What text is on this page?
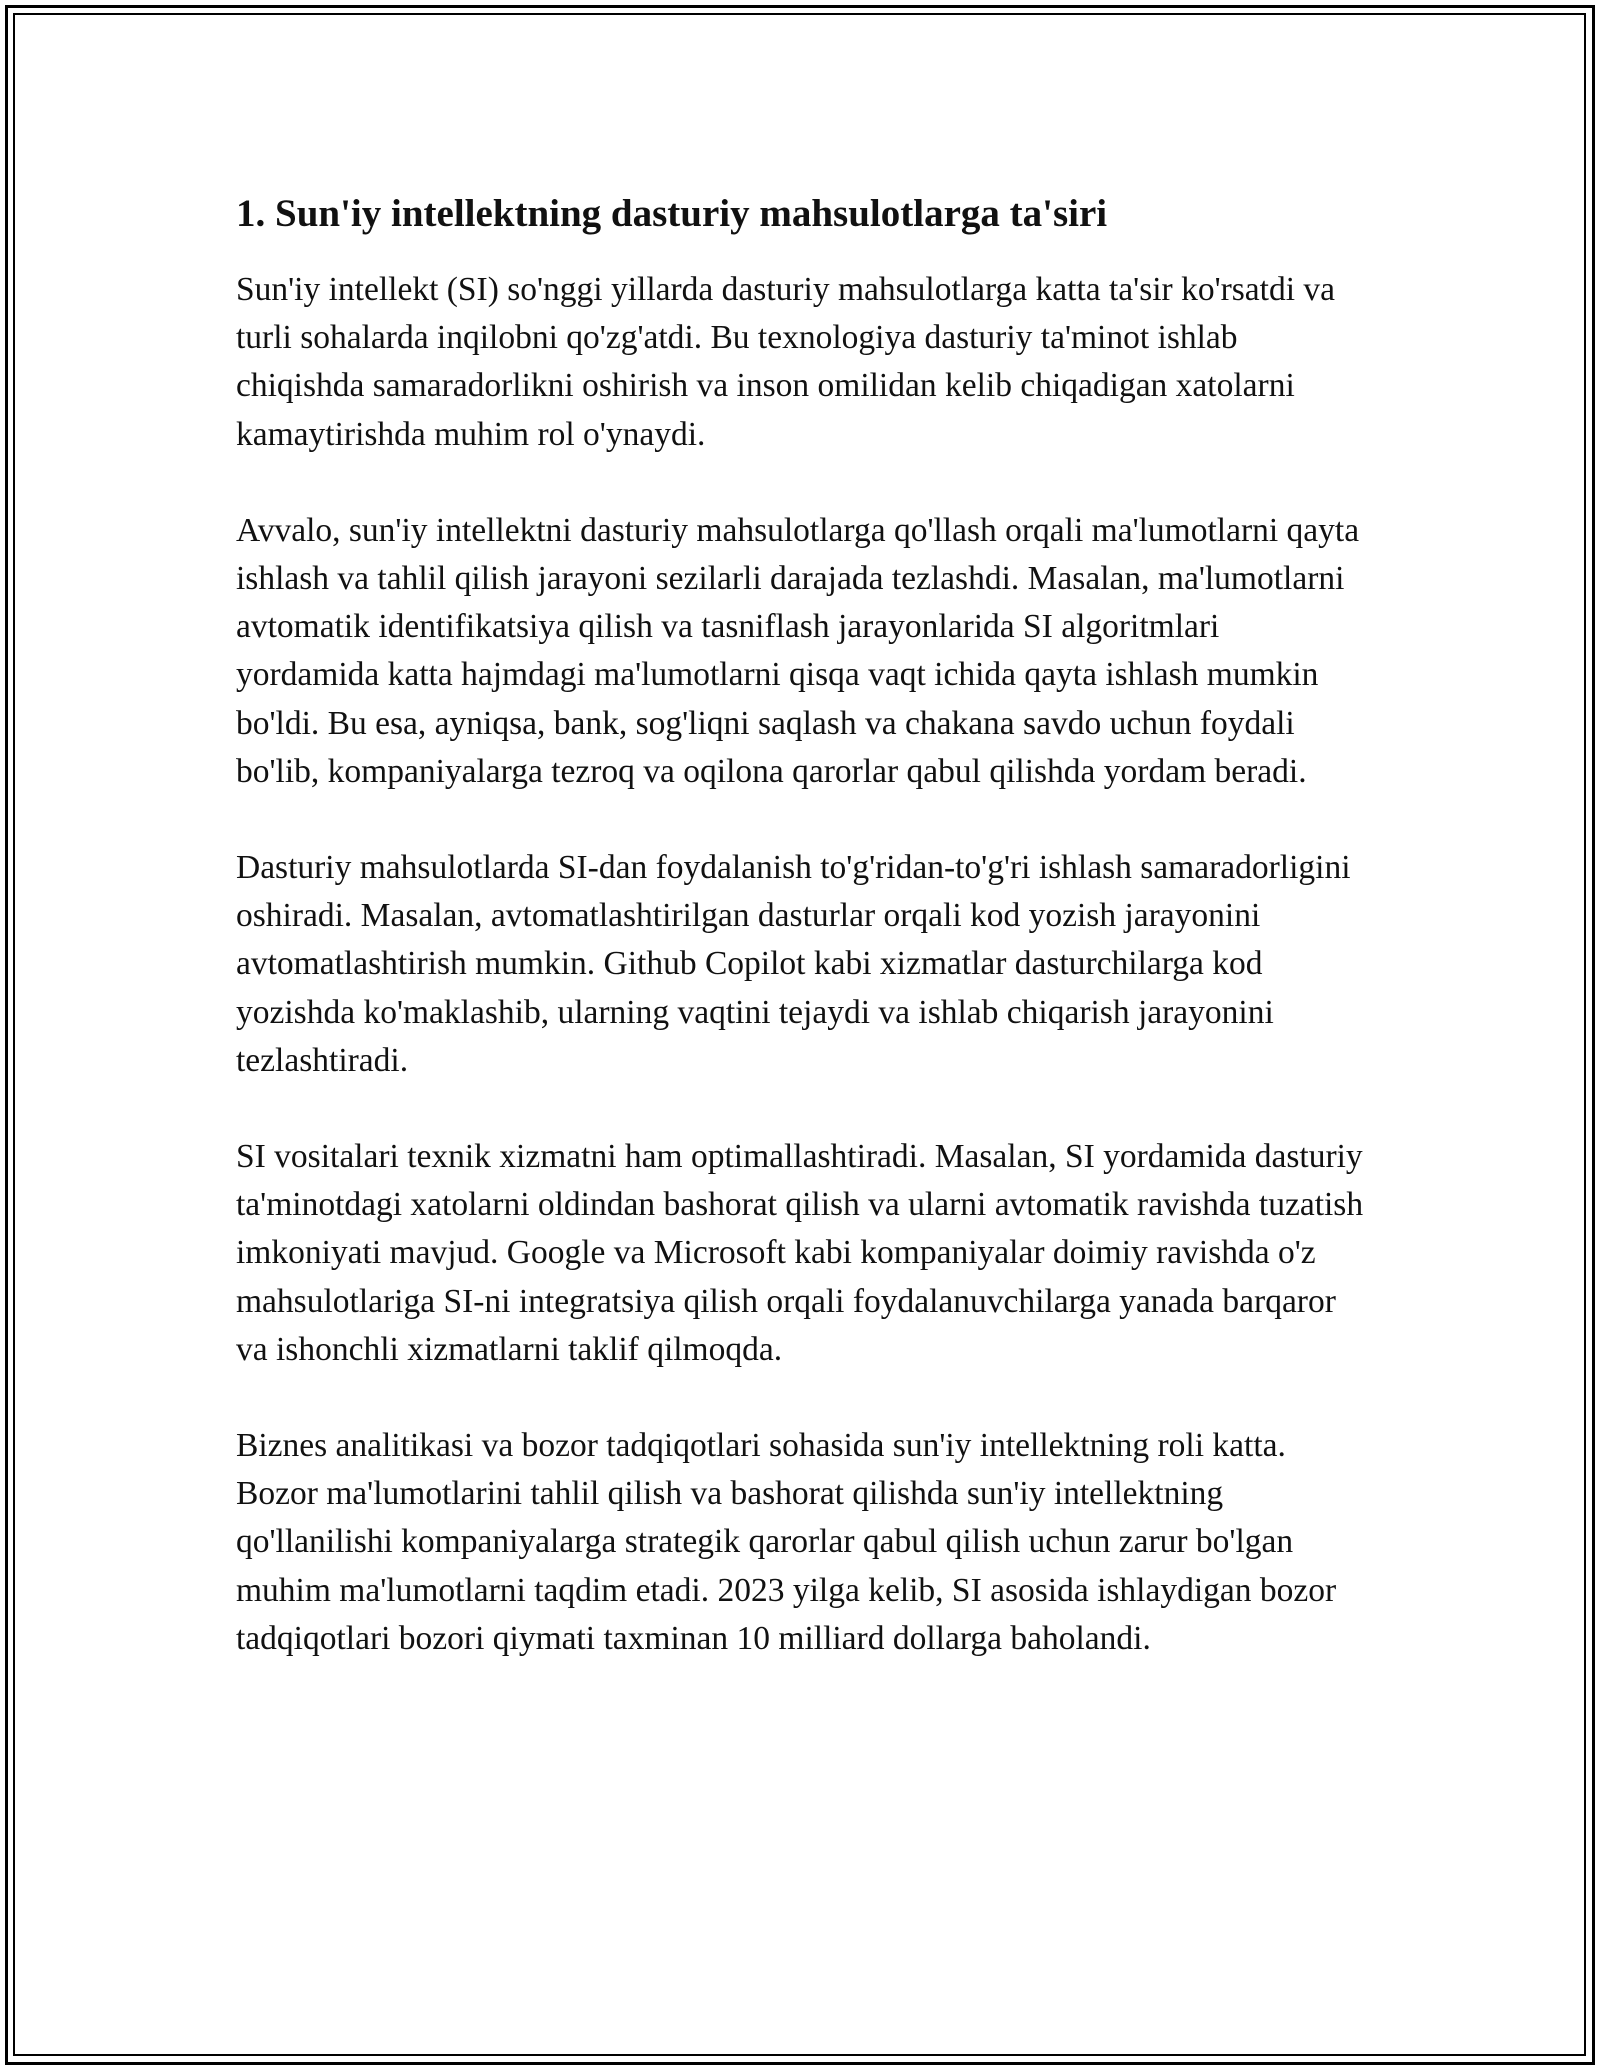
1. Sun'iy intellektning dasturiy mahsulotlarga ta'siri

Sun'iy intellekt (SI) so'nggi yillarda dasturiy mahsulotlarga katta ta'sir ko'rsatdi va turli sohalarda inqilobni qo'zg'atdi. Bu texnologiya dasturiy ta'minot ishlab chiqishda samaradorlikni oshirish va inson omilidan kelib chiqadigan xatolarni kamaytirishda muhim rol o'ynaydi.

Avvalo, sun'iy intellektni dasturiy mahsulotlarga qo'llash orqali ma'lumotlarni qayta ishlash va tahlil qilish jarayoni sezilarli darajada tezlashdi. Masalan, ma'lumotlarni avtomatik identifikatsiya qilish va tasniflash jarayonlarida SI algoritmlari yordamida katta hajmdagi ma'lumotlarni qisqa vaqt ichida qayta ishlash mumkin bo'ldi. Bu esa, ayniqsa, bank, sog'liqni saqlash va chakana savdo uchun foydali bo'lib, kompaniyalarga tezroq va oqilona qarorlar qabul qilishda yordam beradi.

Dasturiy mahsulotlarda SI-dan foydalanish to'g'ridan-to'g'ri ishlash samaradorligini oshiradi. Masalan, avtomatlashtirilgan dasturlar orqali kod yozish jarayonini avtomatlashtirish mumkin. Github Copilot kabi xizmatlar dasturchilarga kod yozishda ko'maklashib, ularning vaqtini tejaydi va ishlab chiqarish jarayonini tezlashtiradi.

SI vositalari texnik xizmatni ham optimallashtiradi. Masalan, SI yordamida dasturiy ta'minotdagi xatolarni oldindan bashorat qilish va ularni avtomatik ravishda tuzatish imkoniyati mavjud. Google va Microsoft kabi kompaniyalar doimiy ravishda o'z mahsulotlariga SI-ni integratsiya qilish orqali foydalanuvchilarga yanada barqaror va ishonchli xizmatlarni taklif qilmoqda.

Biznes analitikasi va bozor tadqiqotlari sohasida sun'iy intellektning roli katta. Bozor ma'lumotlarini tahlil qilish va bashorat qilishda sun'iy intellektning qo'llanilishi kompaniyalarga strategik qarorlar qabul qilish uchun zarur bo'lgan muhim ma'lumotlarni taqdim etadi. 2023 yilga kelib, SI asosida ishlaydigan bozor tadqiqotlari bozori qiymati taxminan 10 milliard dollarga baholandi.
